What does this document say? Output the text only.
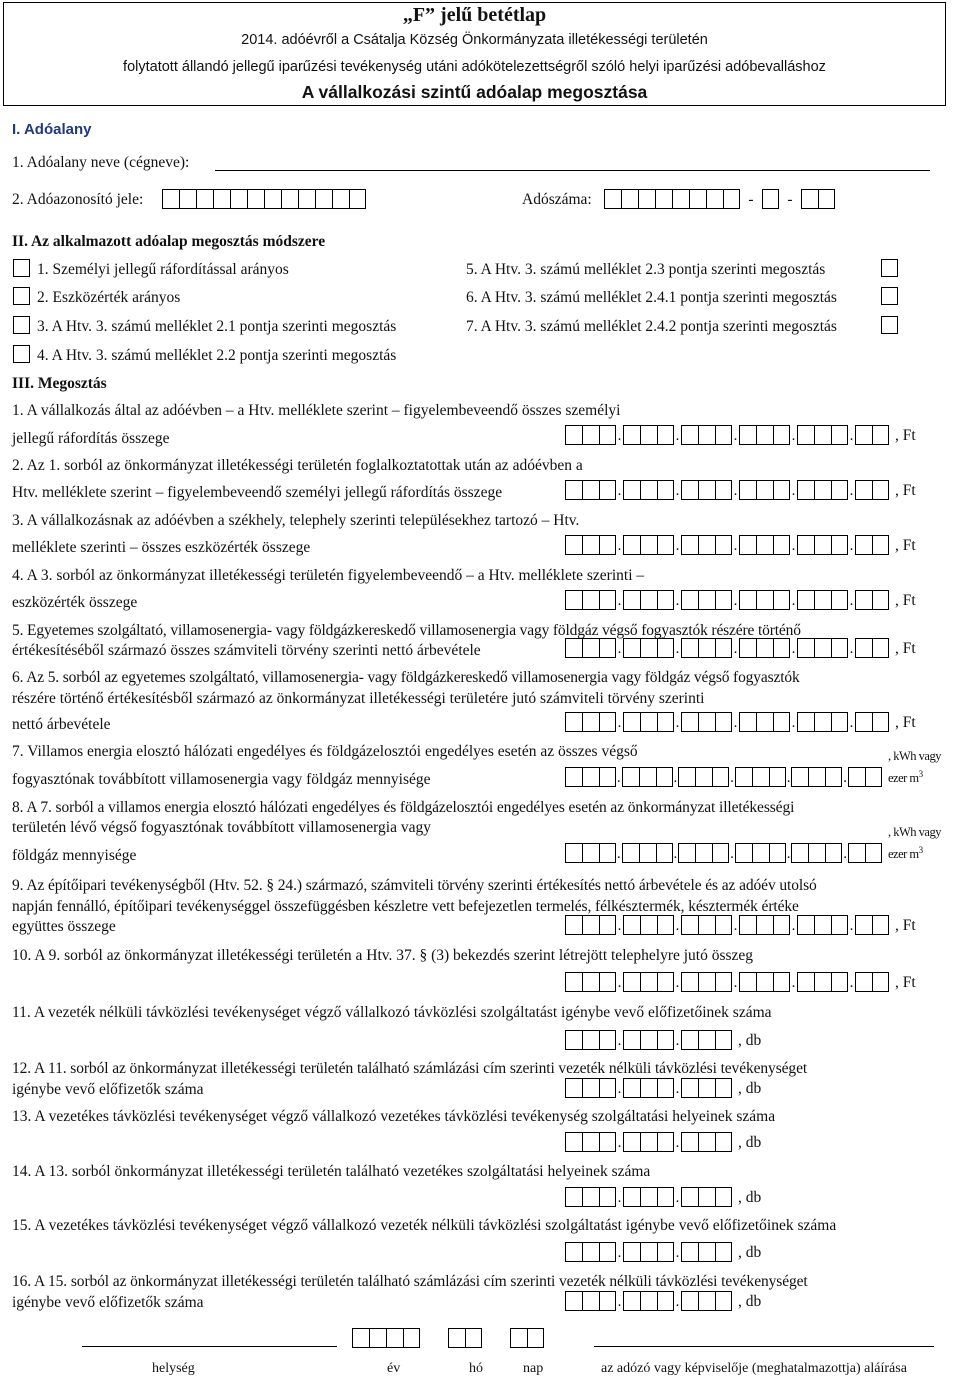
„F” jelű betétlap
2014. adóévről a Csátalja Község Önkormányzata illetékességi területén
folytatott állandó jellegű iparűzési tevékenység utáni adókötelezettségről szóló helyi iparűzési adóbevalláshoz
A vállalkozási szintű adóalap megosztása
I. Adóalany
1. Adóalany neve (cégneve):
2. Adóazonosító jele:	Adószáma:	-	-
II. Az alkalmazott adóalap megosztás módszere
1. Személyi jellegű ráfordítással arányos	5. A Htv. 3. számú melléklet 2.3 pontja szerinti megosztás
2. Eszközérték arányos	6. A Htv. 3. számú melléklet 2.4.1 pontja szerinti megosztás
3. A Htv. 3. számú melléklet 2.1 pontja szerinti megosztás	7. A Htv. 3. számú melléklet 2.4.2 pontja szerinti megosztás
4. A Htv. 3. számú melléklet 2.2 pontja szerinti megosztás
III. Megosztás
1. A vállalkozás által az adóévben – a Htv. melléklete szerint – figyelembeveendő összes személyi
jellegű ráfordítás összege	.	.	.	.	.	, Ft
2. Az 1. sorból az önkormányzat illetékességi területén foglalkoztatottak után az adóévben a
Htv. melléklete szerint – figyelembeveendő személyi jellegű ráfordítás összege	.	.	.	.	.	, Ft
3. A vállalkozásnak az adóévben a székhely, telephely szerinti településekhez tartozó – Htv.
melléklete szerinti – összes eszközérték összege	.	.	.	.	.	, Ft
4. A 3. sorból az önkormányzat illetékességi területén figyelembeveendő – a Htv. melléklete szerinti –
eszközérték összege	.	.	.	.	.	, Ft
5. Egyetemes szolgáltató, villamosenergia- vagy földgázkereskedő villamosenergia vagy földgáz végső fogyasztók részére történő
értékesítéséből származó összes számviteli törvény szerinti nettó árbevétele	.	.	.	.	.	, Ft
6. Az 5. sorból az egyetemes szolgáltató, villamosenergia- vagy földgázkereskedő villamosenergia vagy földgáz végső fogyasztók
részére történő értékesítésből származó az önkormányzat illetékességi területére jutó számviteli törvény szerinti
nettó árbevétele	.	.	.	.	.	, Ft
7. Villamos energia elosztó hálózati engedélyes és földgázelosztói engedélyes esetén az összes végső
fogyasztónak továbbított villamosenergia vagy földgáz mennyisége	.	.	.	.	.
, kWh vagy ezer $m^3$
8. A 7. sorból a villamos energia elosztó hálózati engedélyes és földgázelosztói engedélyes esetén az önkormányzat illetékességi
területén lévő végső fogyasztónak továbbított villamosenergia vagy
földgáz mennyisége	.	.	.	.	.
, kWh vagy ezer $m^3$
9. Az építőipari tevékenységből (Htv. 52. § 24.) származó, számviteli törvény szerinti értékesítés nettó árbevétele és az adóév utolsó
napján fennálló, építőipari tevékenységgel összefüggésben készletre vett befejezetlen termelés, félkésztermék, késztermék értéke
együttes összege	.	.	.	.	.	, Ft
10. A 9. sorból az önkormányzat illetékességi területén a Htv. 37. § (3) bekezdés szerint létrejött telephelyre jutó összeg
.	.	.	.	.	, Ft
11. A vezeték nélküli távközlési tevékenységet végző vállalkozó távközlési szolgáltatást igénybe vevő előfizetőinek száma
.	.	, db
12. A 11. sorból az önkormányzat illetékességi területén található számlázási cím szerinti vezeték nélküli távközlési tevékenységet
igénybe vevő előfizetők száma	.	.	, db
13. A vezetékes távközlési tevékenységet végző vállalkozó vezetékes távközlési tevékenység szolgáltatási helyeinek száma
.	.	, db
14. A 13. sorból önkormányzat illetékességi területén található vezetékes szolgáltatási helyeinek száma
.	.	, db
15. A vezetékes távközlési tevékenységet végző vállalkozó vezeték nélküli távközlési szolgáltatást igénybe vevő előfizetőinek száma
.	.	, db
16. A 15. sorból az önkormányzat illetékességi területén található számlázási cím szerinti vezeték nélküli távközlési tevékenységet
igénybe vevő előfizetők száma	.	.	, db
helység	év	hó	nap	az adózó vagy képviselője (meghatalmazottja) aláírása
